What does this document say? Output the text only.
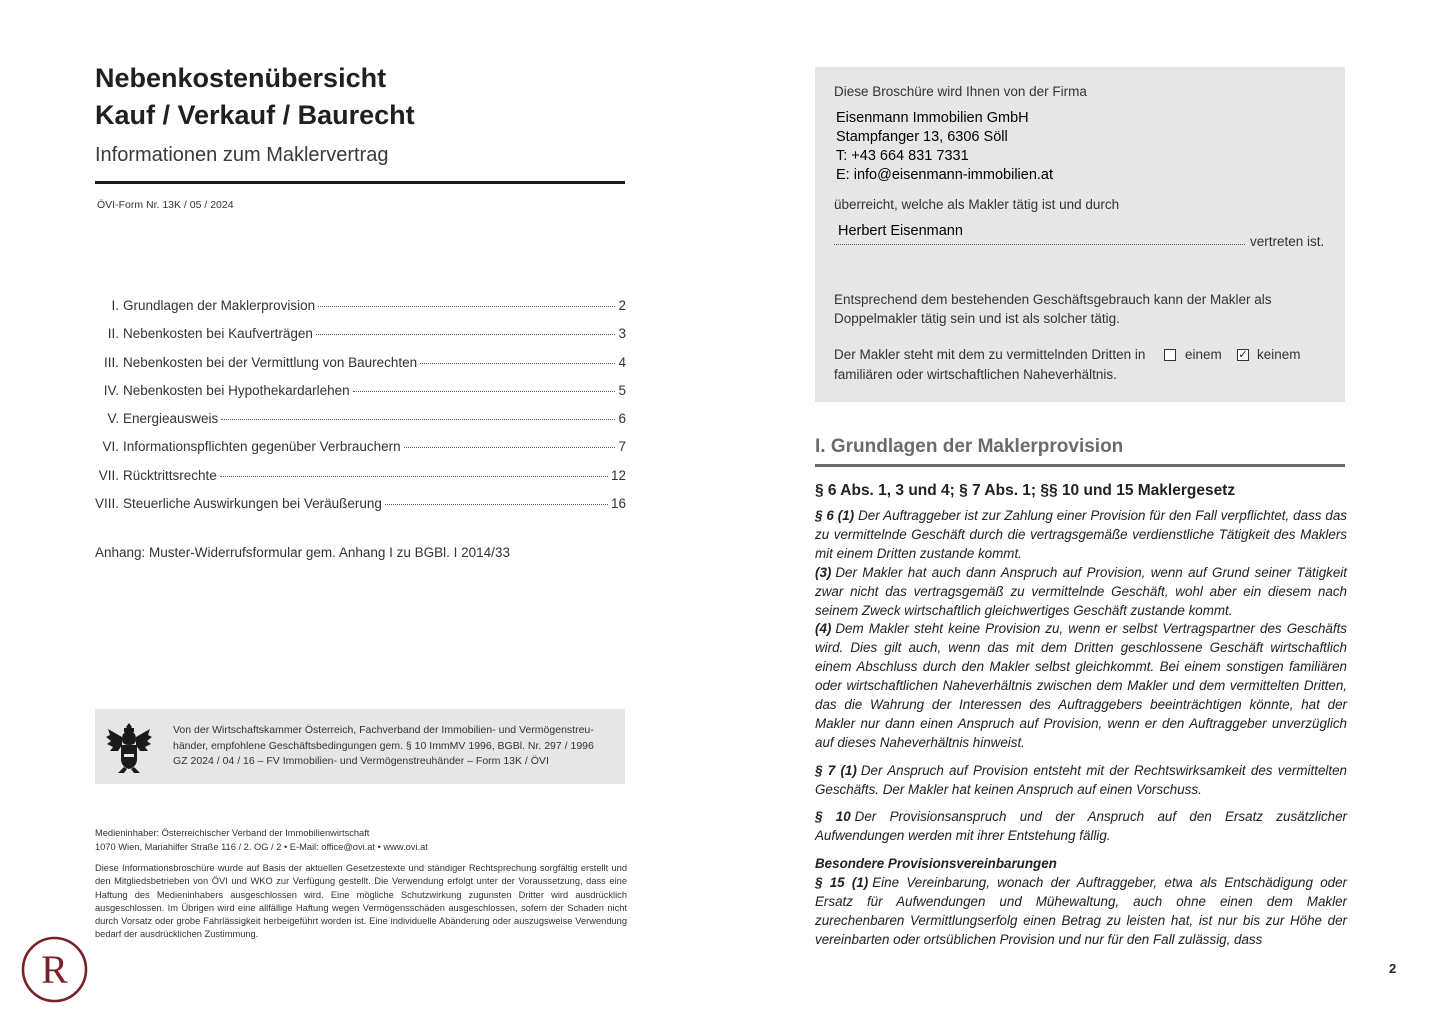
Nebenkostenübersicht
Kauf / Verkauf / Baurecht
Informationen zum Maklervertrag
ÖVI-Form Nr. 13K / 05 / 2024
I. Grundlagen der Maklerprovision	2
II. Nebenkosten bei Kaufverträgen	3
III. Nebenkosten bei der Vermittlung von Baurechten	4
IV. Nebenkosten bei Hypothekardarlehen	5
V. Energieausweis	6
VI. Informationspflichten gegenüber Verbrauchern	7
VII. Rücktrittsrechte	12
VIII. Steuerliche Auswirkungen bei Veräußerung	16
Anhang: Muster-Widerrufsformular gem. Anhang I zu BGBl. I 2014/33
Von der Wirtschaftskammer Österreich, Fachverband der Immobilien- und Vermögenstreu-
händer, empfohlene Geschäftsbedingungen gem. § 10 ImmMV 1996, BGBl. Nr. 297 / 1996
GZ 2024 / 04 / 16 – FV Immobilien- und Vermögenstreuhänder – Form 13K / ÖVI
Medieninhaber: Österreichischer Verband der Immobilienwirtschaft
1070 Wien, Mariahilfer Straße 116 / 2. OG / 2 • E-Mail: office@ovi.at • www.ovi.at
Diese Informationsbroschüre wurde auf Basis der aktuellen Gesetzestexte und ständiger Rechtsprechung sorgfältig erstellt und den Mitgliedsbetrieben von ÖVI und WKO zur Verfügung gestellt. Die Verwendung erfolgt unter der Voraussetzung, dass eine Haftung des Medieninhabers ausgeschlossen wird. Eine mögliche Schutzwirkung zugunsten Dritter wird ausdrücklich ausgeschlossen. Im Übrigen wird eine allfällige Haftung wegen Vermögensschäden ausgeschlossen, sofern der Schaden nicht durch Vorsatz oder grobe Fahrlässigkeit herbeigeführt worden ist. Eine individuelle Abänderung oder auszugsweise Verwendung bedarf der ausdrücklichen Zustimmung.
R
Diese Broschüre wird Ihnen von der Firma
Eisenmann Immobilien GmbH
Stampfanger 13, 6306 Söll
T: +43 664 831 7331
E: info@eisenmann-immobilien.at
überreicht, welche als Makler tätig ist und durch
Herbert Eisenmann
vertreten ist.
Entsprechend dem bestehenden Geschäftsgebrauch kann der Makler als Doppelmakler tätig sein und ist als solcher tätig.
Der Makler steht mit dem zu vermittelnden Dritten in	einem ✓ keinem
familiären oder wirtschaftlichen Naheverhältnis.
I. Grundlagen der Maklerprovision
§ 6 Abs. 1, 3 und 4; § 7 Abs. 1; §§ 10 und 15 Maklergesetz

§ 6 (1) Der Auftraggeber ist zur Zahlung einer Provision für den Fall verpflichtet, dass das zu vermittelnde Geschäft durch die vertragsgemäße verdienstliche Tätigkeit des Maklers mit einem Dritten zustande kommt.

(3) Der Makler hat auch dann Anspruch auf Provision, wenn auf Grund seiner Tätigkeit zwar nicht das vertragsgemäß zu vermittelnde Geschäft, wohl aber ein diesem nach seinem Zweck wirtschaftlich gleichwertiges Geschäft zustande kommt.

(4) Dem Makler steht keine Provision zu, wenn er selbst Vertragspartner des Geschäfts wird. Dies gilt auch, wenn das mit dem Dritten geschlossene Geschäft wirtschaftlich einem Abschluss durch den Makler selbst gleichkommt. Bei einem sonstigen familiären oder wirtschaftlichen Naheverhältnis zwischen dem Makler und dem vermittelten Dritten, das die Wahrung der Interessen des Auftraggebers beeinträchtigen könnte, hat der Makler nur dann einen Anspruch auf Provision, wenn er den Auftraggeber unverzüglich auf dieses Naheverhältnis hinweist.

§ 7 (1) Der Anspruch auf Provision entsteht mit der Rechtswirksamkeit des vermittelten Geschäfts. Der Makler hat keinen Anspruch auf einen Vorschuss.

§ 10 Der Provisionsanspruch und der Anspruch auf den Ersatz zusätzlicher Aufwendungen werden mit ihrer Entstehung fällig.

Besondere Provisionsvereinbarungen

§ 15 (1) Eine Vereinbarung, wonach der Auftraggeber, etwa als Entschädigung oder Ersatz für Aufwendungen und Mühewaltung, auch ohne einen dem Makler zurechenbaren Vermittlungserfolg einen Betrag zu leisten hat, ist nur bis zur Höhe der vereinbarten oder ortsüblichen Provision und nur für den Fall zulässig, dass

2
